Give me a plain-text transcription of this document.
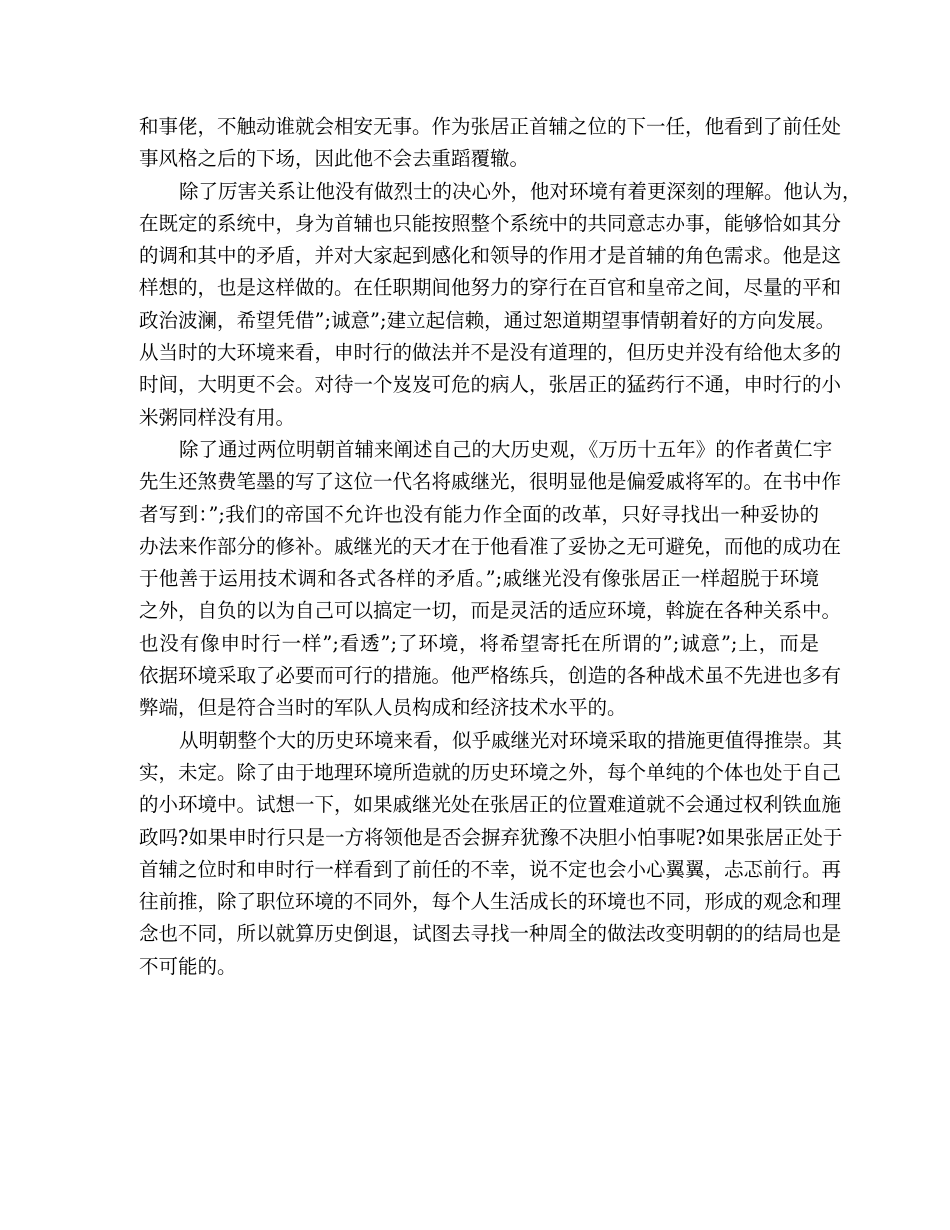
和事佬，不触动谁就会相安无事。作为张居正首辅之位的下一任，他看到了前任处
事风格之后的下场，因此他不会去重蹈覆辙。
除了厉害关系让他没有做烈士的决心外，他对环境有着更深刻的理解。他认为，
在既定的系统中，身为首辅也只能按照整个系统中的共同意志办事，能够恰如其分
的调和其中的矛盾，并对大家起到感化和领导的作用才是首辅的角色需求。他是这
样想的，也是这样做的。在任职期间他努力的穿行在百官和皇帝之间，尽量的平和
政治波澜，希望凭借”;诚意”;建立起信赖，通过恕道期望事情朝着好的方向发展。
从当时的大环境来看，申时行的做法并不是没有道理的，但历史并没有给他太多的
时间，大明更不会。对待一个岌岌可危的病人，张居正的猛药行不通，申时行的小
米粥同样没有用。
除了通过两位明朝首辅来阐述自己的大历史观，《万历十五年》的作者黄仁宇
先生还煞费笔墨的写了这位一代名将戚继光，很明显他是偏爱戚将军的。在书中作
者写到：”;我们的帝国不允许也没有能力作全面的改革，只好寻找出一种妥协的
办法来作部分的修补。戚继光的天才在于他看准了妥协之无可避免，而他的成功在
于他善于运用技术调和各式各样的矛盾。”;戚继光没有像张居正一样超脱于环境
之外，自负的以为自己可以搞定一切，而是灵活的适应环境，斡旋在各种关系中。
也没有像申时行一样”;看透”;了环境，将希望寄托在所谓的”;诚意”;上，而是
依据环境采取了必要而可行的措施。他严格练兵，创造的各种战术虽不先进也多有
弊端，但是符合当时的军队人员构成和经济技术水平的。
从明朝整个大的历史环境来看，似乎戚继光对环境采取的措施更值得推崇。其
实，未定。除了由于地理环境所造就的历史环境之外，每个单纯的个体也处于自己
的小环境中。试想一下，如果戚继光处在张居正的位置难道就不会通过权利铁血施
政吗?如果申时行只是一方将领他是否会摒弃犹豫不决胆小怕事呢?如果张居正处于
首辅之位时和申时行一样看到了前任的不幸，说不定也会小心翼翼，忐忑前行。再
往前推，除了职位环境的不同外，每个人生活成长的环境也不同，形成的观念和理
念也不同，所以就算历史倒退，试图去寻找一种周全的做法改变明朝的的结局也是
不可能的。
